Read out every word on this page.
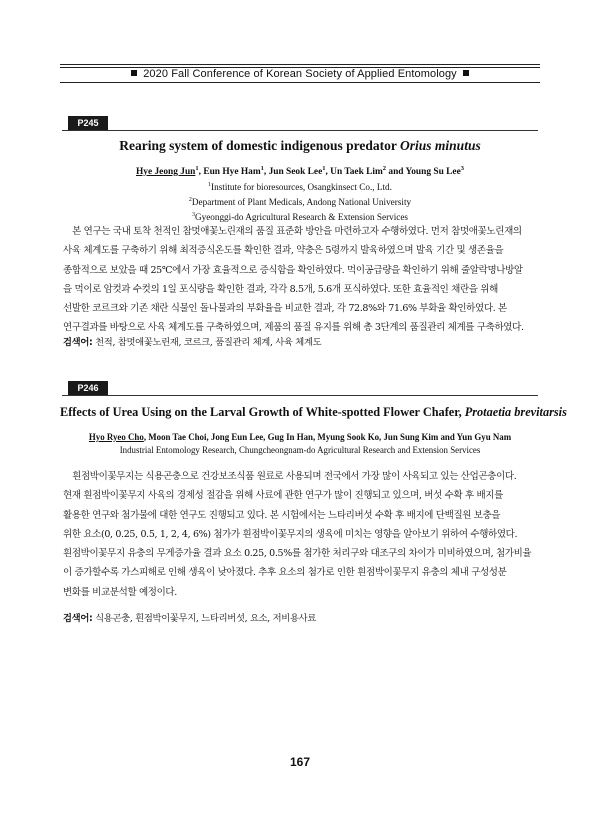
2020 Fall Conference of Korean Society of Applied Entomology
P245
Rearing system of domestic indigenous predator Orius minutus
Hye Jeong Jun$^1$, Eun Hye Ham$^1$, Jun Seok Lee$^1$, Un Taek Lim$^2$ and Young Su Lee$^3$
$^1$Institute for bioresources, Osangkinsect Co., Ltd.
$^2$Department of Plant Medicals, Andong National University
$^3$Gyeonggi-do Agricultural Research & Extension Services
　본 연구는 국내 토착 천적인 참멋애꽃노린재의 품질 표준화 방안을 마련하고자 수행하였다. 먼저 참멋애꽃노린재의
사육 체계도를 구축하기 위해 최적증식온도를 확인한 결과, 약충은 5령까지 발육하였으며 발육 기간 및 생존율을
종합적으로 보았을 때 25℃에서 가장 효율적으로 증식함을 확인하였다. 먹이공급량을 확인하기 위해 줄알락명나방알
을 먹이로 암컷과 수컷의 1일 포식량을 확인한 결과, 각각 8.5개, 5.6개 포식하였다. 또한 효율적인 채란을 위해
선발한 코르크와 기존 채란 식물인 돌나물과의 부화율을 비교한 결과, 각 72.8%와 71.6% 부화율 확인하였다. 본
연구결과를 바탕으로 사육 체계도를 구축하였으며, 제품의 품질 유지를 위해 총 3단계의 품질관리 체계를 구축하였다.
검색어: 천적, 참멋애꽃노린재, 코르크, 품질관리 체계, 사육 체계도
P246
Effects of Urea Using on the Larval Growth of White-spotted Flower Chafer, Protaetia brevitarsis
Hyo Ryeo Cho, Moon Tae Choi, Jong Eun Lee, Gug In Han, Myung Sook Ko, Jun Sung Kim and Yun Gyu Nam
Industrial Entomology Research, Chungcheongnam-do Agricultural Research and Extension Services
　흰점박이꽃무지는 식용곤충으로 건강보조식품 원료로 사용되며 전국에서 가장 많이 사육되고 있는 산업곤충이다.
현재 흰점박이꽃무지 사육의 경제성 절감을 위해 사료에 관한 연구가 많이 진행되고 있으며, 버섯 수확 후 배지를
활용한 연구와 첨가물에 대한 연구도 진행되고 있다. 본 시험에서는 느타리버섯 수확 후 배지에 단백질원 보충을
위한 요소(0, 0.25, 0.5, 1, 2, 4, 6%) 첨가가 흰점박이꽃무지의 생육에 미치는 영향을 알아보기 위하여 수행하였다.
흰점박이꽃무지 유충의 무게증가율 결과 요소 0.25, 0.5%를 첨가한 처리구와 대조구의 차이가 미비하였으며, 첨가비율
이 증가할수록 가스피해로 인해 생육이 낮아졌다. 추후 요소의 첨가로 인한 흰점박이꽃무지 유충의 체내 구성성분
변화를 비교분석할 예정이다.
검색어: 식용곤충, 흰점박이꽃무지, 느타리버섯, 요소, 저비용사료
167
